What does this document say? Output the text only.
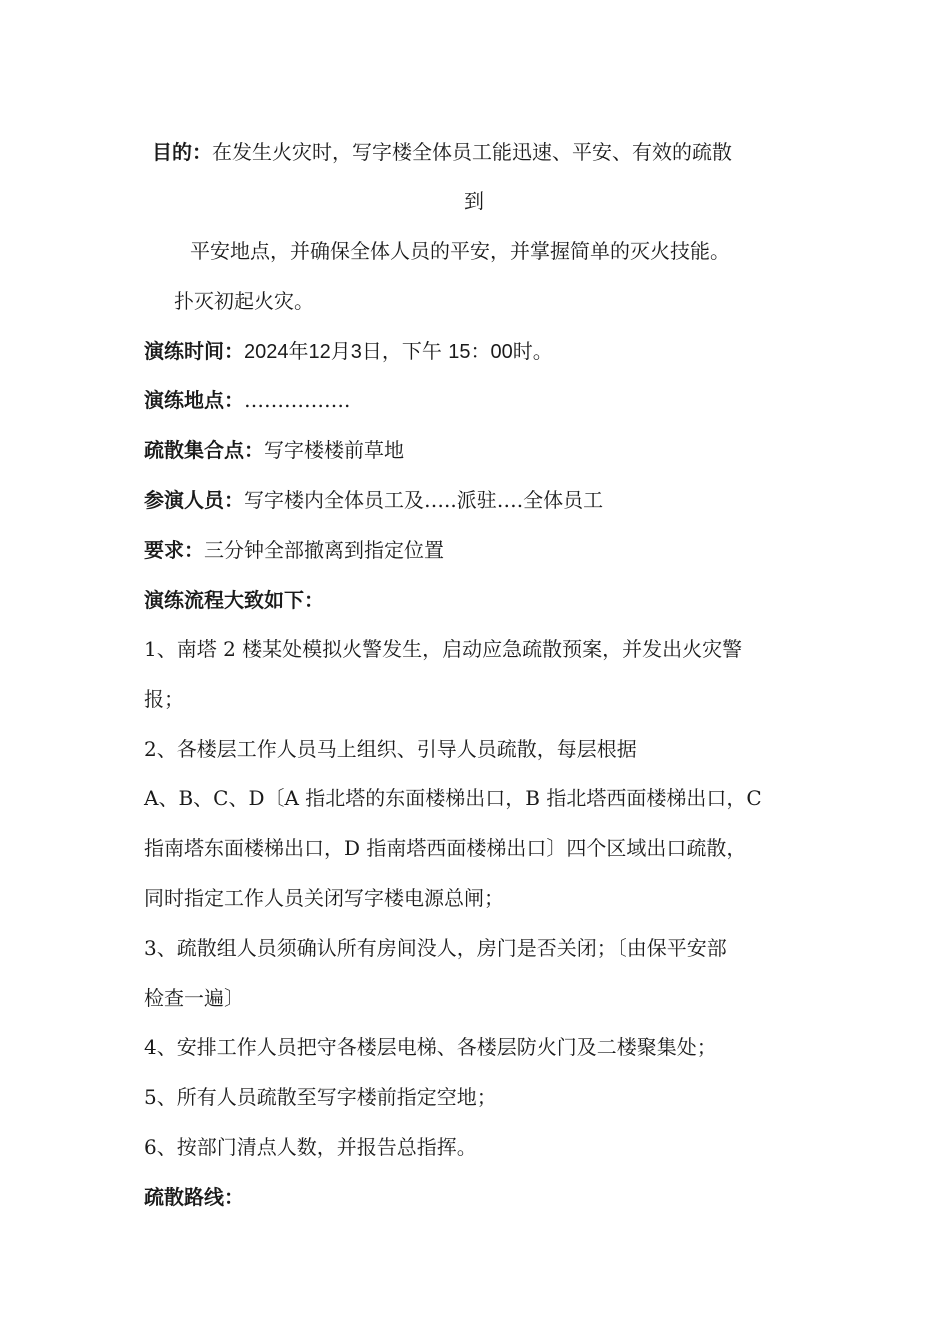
目的：在发生火灾时，写字楼全体员工能迅速、平安、有效的疏散
到
平安地点，并确保全体人员的平安，并掌握简单的灭火技能。
扑灭初起火灾。
演练时间：2024年12月3日，下午 15：00时。
演练地点：…………….
疏散集合点：写字楼楼前草地
参演人员：写字楼内全体员工及…..派驻….全体员工
要求：三分钟全部撤离到指定位置
演练流程大致如下：
1、南塔 2 楼某处模拟火警发生，启动应急疏散预案，并发出火灾警
报；
2、各楼层工作人员马上组织、引导人员疏散，每层根据
A、B、C、D〔A 指北塔的东面楼梯出口，B 指北塔西面楼梯出口，C
指南塔东面楼梯出口，D 指南塔西面楼梯出口〕四个区域出口疏散，
同时指定工作人员关闭写字楼电源总闸；
3、疏散组人员须确认所有房间没人，房门是否关闭；〔由保平安部
检查一遍〕
4、安排工作人员把守各楼层电梯、各楼层防火门及二楼聚集处；
5、所有人员疏散至写字楼前指定空地；
6、按部门清点人数，并报告总指挥。
疏散路线：
